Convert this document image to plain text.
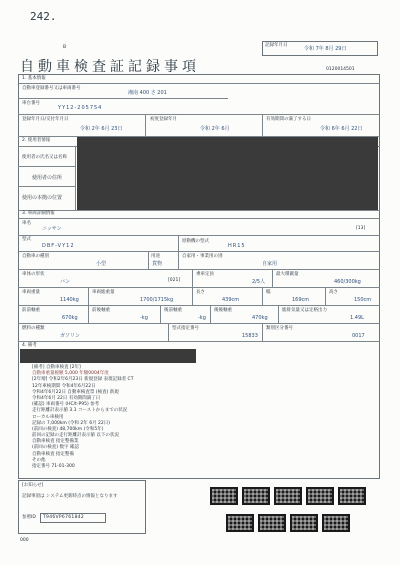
242.
記録年月日
令和 7年 8月 29日
B
自動車検査証記録事項	0120014501
1. 基本情報
自動車登録番号又は車両番号
湘南 400 さ 201
車台番号
YY12-205754
登録年月日/交付年月日	初度登録年月	有効期間の満了する日
令和 2年 6月 23日	令和 2年 6月	令和 6年 6月 22日
2. 使用者情報
使用者の氏名又は名称
使用者の住所
使用の本拠の位置
3. 車両詳細情報
車名
ニッサン	[13]
型式
DBF-VY12
原動機の型式
HR15
自動車の種別
小型
用途
貨物
自家用・事業用の別
自家用
車体の形状
バン	[021]
乗車定員
2/5人
最大積載量
460/300kg
車両重量
1140kg
車両総重量
1700/1715kg
長さ
439cm
幅
169cm
高さ
150cm
前前軸重
670kg
前後軸重
-kg
後前軸重
-kg
後後軸重
470kg
総排気量又は定格出力
1.49L
燃料の種類
ガソリン
型式指定番号
15833
類別区分番号
0017
4. 備考
[備考] 自動車検査 [2年]
自動車重量税額 5,000 年額0004年度
[2年増] 令和2年6月23日 新規登録 表現記録者 CT
12年車検期間 令和4年6月22日
令和4年6月22日 自動車検査票 (検査) 新規
令和4年6月 22日 有効期間満了日
(確認) 車両番号 (HC/t-P95) 参考
走行距離計表示値 3.1 コーストからまでの状況
ローカル車検用
記録の 7,000km (令和 2年 6月 22日)
(前回の検査) 48,700km (令和5年)
前回の記録の走行距離計表示値 以下の状況
自動車検査 指定整備業
(前回の検査) 数字 確認
自動車検査 指定整備
その他
指定番号 71-01-300
[お知らせ]
記録事項は システム更新時点の情報となります
参照ID T946VP6761842
000
